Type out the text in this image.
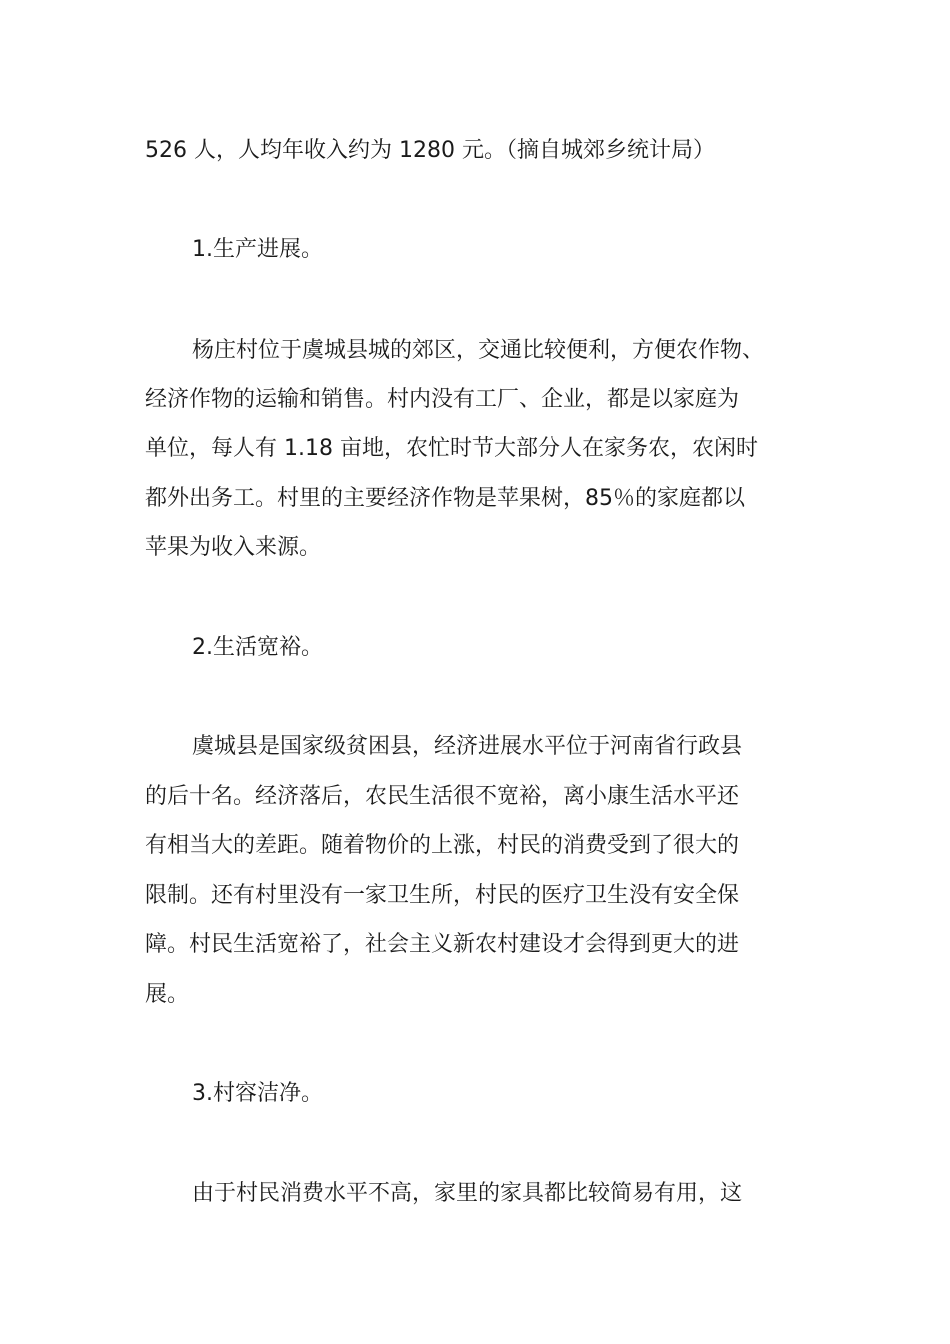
526 人，人均年收入约为 1280 元。（摘自城郊乡统计局）
1.生产进展。
杨庄村位于虞城县城的郊区，交通比较便利，方便农作物、
经济作物的运输和销售。村内没有工厂、企业，都是以家庭为
单位，每人有 1.18 亩地，农忙时节大部分人在家务农，农闲时
都外出务工。村里的主要经济作物是苹果树，85％的家庭都以
苹果为收入来源。
2.生活宽裕。
虞城县是国家级贫困县，经济进展水平位于河南省行政县
的后十名。经济落后，农民生活很不宽裕，离小康生活水平还
有相当大的差距。随着物价的上涨，村民的消费受到了很大的
限制。还有村里没有一家卫生所，村民的医疗卫生没有安全保
障。村民生活宽裕了，社会主义新农村建设才会得到更大的进
展。
3.村容洁净。
由于村民消费水平不高，家里的家具都比较简易有用，这
